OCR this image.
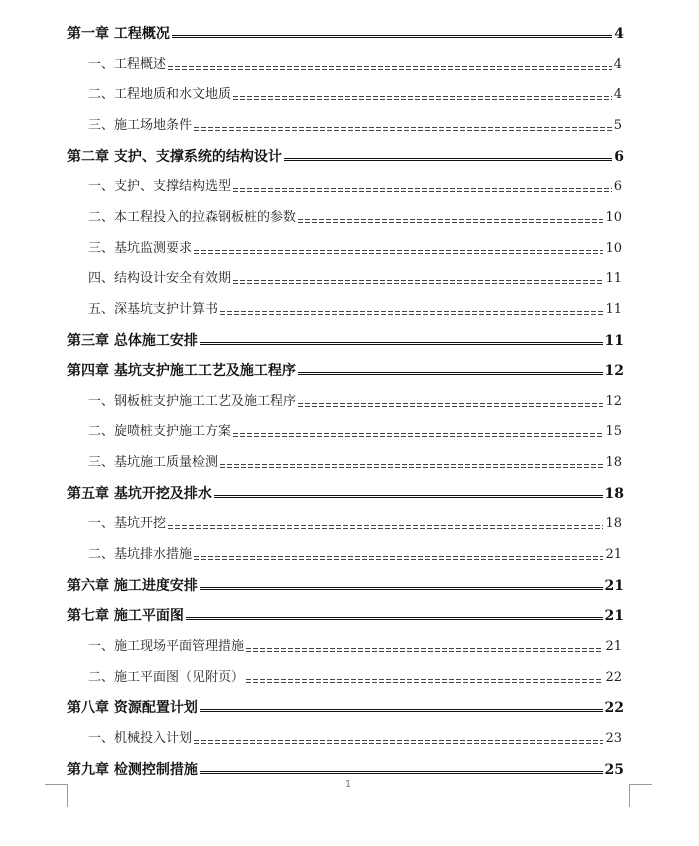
第一章 工程概况	4
一、工程概述	4
二、工程地质和水文地质	4
三、施工场地条件	5
第二章 支护、支撑系统的结构设计	6
一、支护、支撑结构选型	6
二、本工程投入的拉森钢板桩的参数	10
三、基坑监测要求	10
四、结构设计安全有效期	11
五、深基坑支护计算书	11
第三章 总体施工安排	11
第四章 基坑支护施工工艺及施工程序	12
一、钢板桩支护施工工艺及施工程序	12
二、旋喷桩支护施工方案	15
三、基坑施工质量检测	18
第五章 基坑开挖及排水	18
一、基坑开挖	18
二、基坑排水措施	21
第六章 施工进度安排	21
第七章 施工平面图	21
一、施工现场平面管理措施	21
二、施工平面图（见附页）	22
第八章 资源配置计划	22
一、机械投入计划	23
第九章 检测控制措施	25
1
